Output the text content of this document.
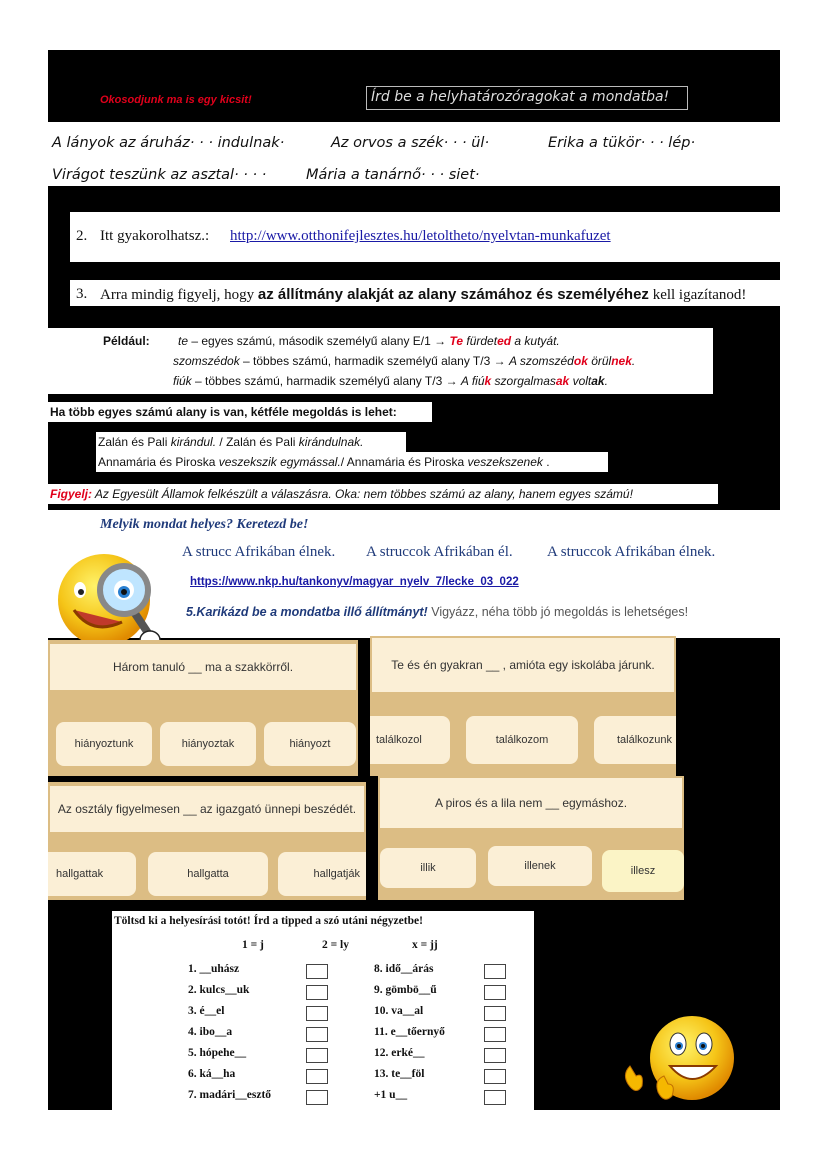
Okosodjunk ma is egy kicsit!	Írd be a helyhatározóragokat a mondatba!
A lányok az áruház· · · indulnak·	Az orvos a szék· · · ül·	Erika a tükör· · · lép·
Virágot teszünk az asztal· · · ·	Mária a tanárnő· · · siet·
2. Itt gyakorolhatsz.: http://www.otthonifejlesztes.hu/letoltheto/nyelvtan-munkafuzet
3. Arra mindig figyelj, hogy az állítmány alakját az alany számához és személyéhez kell igazítanod!
Például: te – egyes számú, második személyű alany E/1 → Te fürdeted a kutyát.
szomszédok – többes számú, harmadik személyű alany T/3 → A szomszédok örülnek.
fiúk – többes számú, harmadik személyű alany T/3 → A fiúk szorgalmasak voltak.
Ha több egyes számú alany is van, kétféle megoldás is lehet:
Zalán és Pali kirándul. / Zalán és Pali kirándulnak.
Annamária és Piroska veszekszik egymással./ Annamária és Piroska veszekszenek .
Figyelj: Az Egyesült Államok felkészült a válaszásra. Oka: nem többes számú az alany, hanem egyes számú!
Melyik mondat helyes? Keretezd be!
A strucc Afrikában élnek. A struccok Afrikában él. A struccok Afrikában élnek.
https://www.nkp.hu/tankonyv/magyar_nyelv_7/lecke_03_022
5.Karikázd be a mondatba illő állítmányt! Vigyázz, néha több jó megoldás is lehetséges!
Három tanuló __ ma a szakkörről.
hiányoztunk	hiányoztak	hiányozt
Te és én gyakran __ , amióta egy iskolába járunk.
találkozol	találkozom	találkozunk
Az osztály figyelmesen __ az igazgató ünnepi beszédét.
hallgattak	hallgatta	hallgatják
A piros és a lila nem __ egymáshoz.
illik	illenek	illesz
Töltsd ki a helyesírási totót! Írd a tipped a szó utáni négyzetbe!
1 = j	2 = ly	x = jj
1. __uhász
2. kulcs__uk
3. é__el
4. ibo__a
5. hópehe__
6. ká__ha
7. madári__esztő
8. idő__árás
9. gömbö__ű
10. va__al
11. e__tőernyő
12. erké__
13. te__föl
+1 u__
